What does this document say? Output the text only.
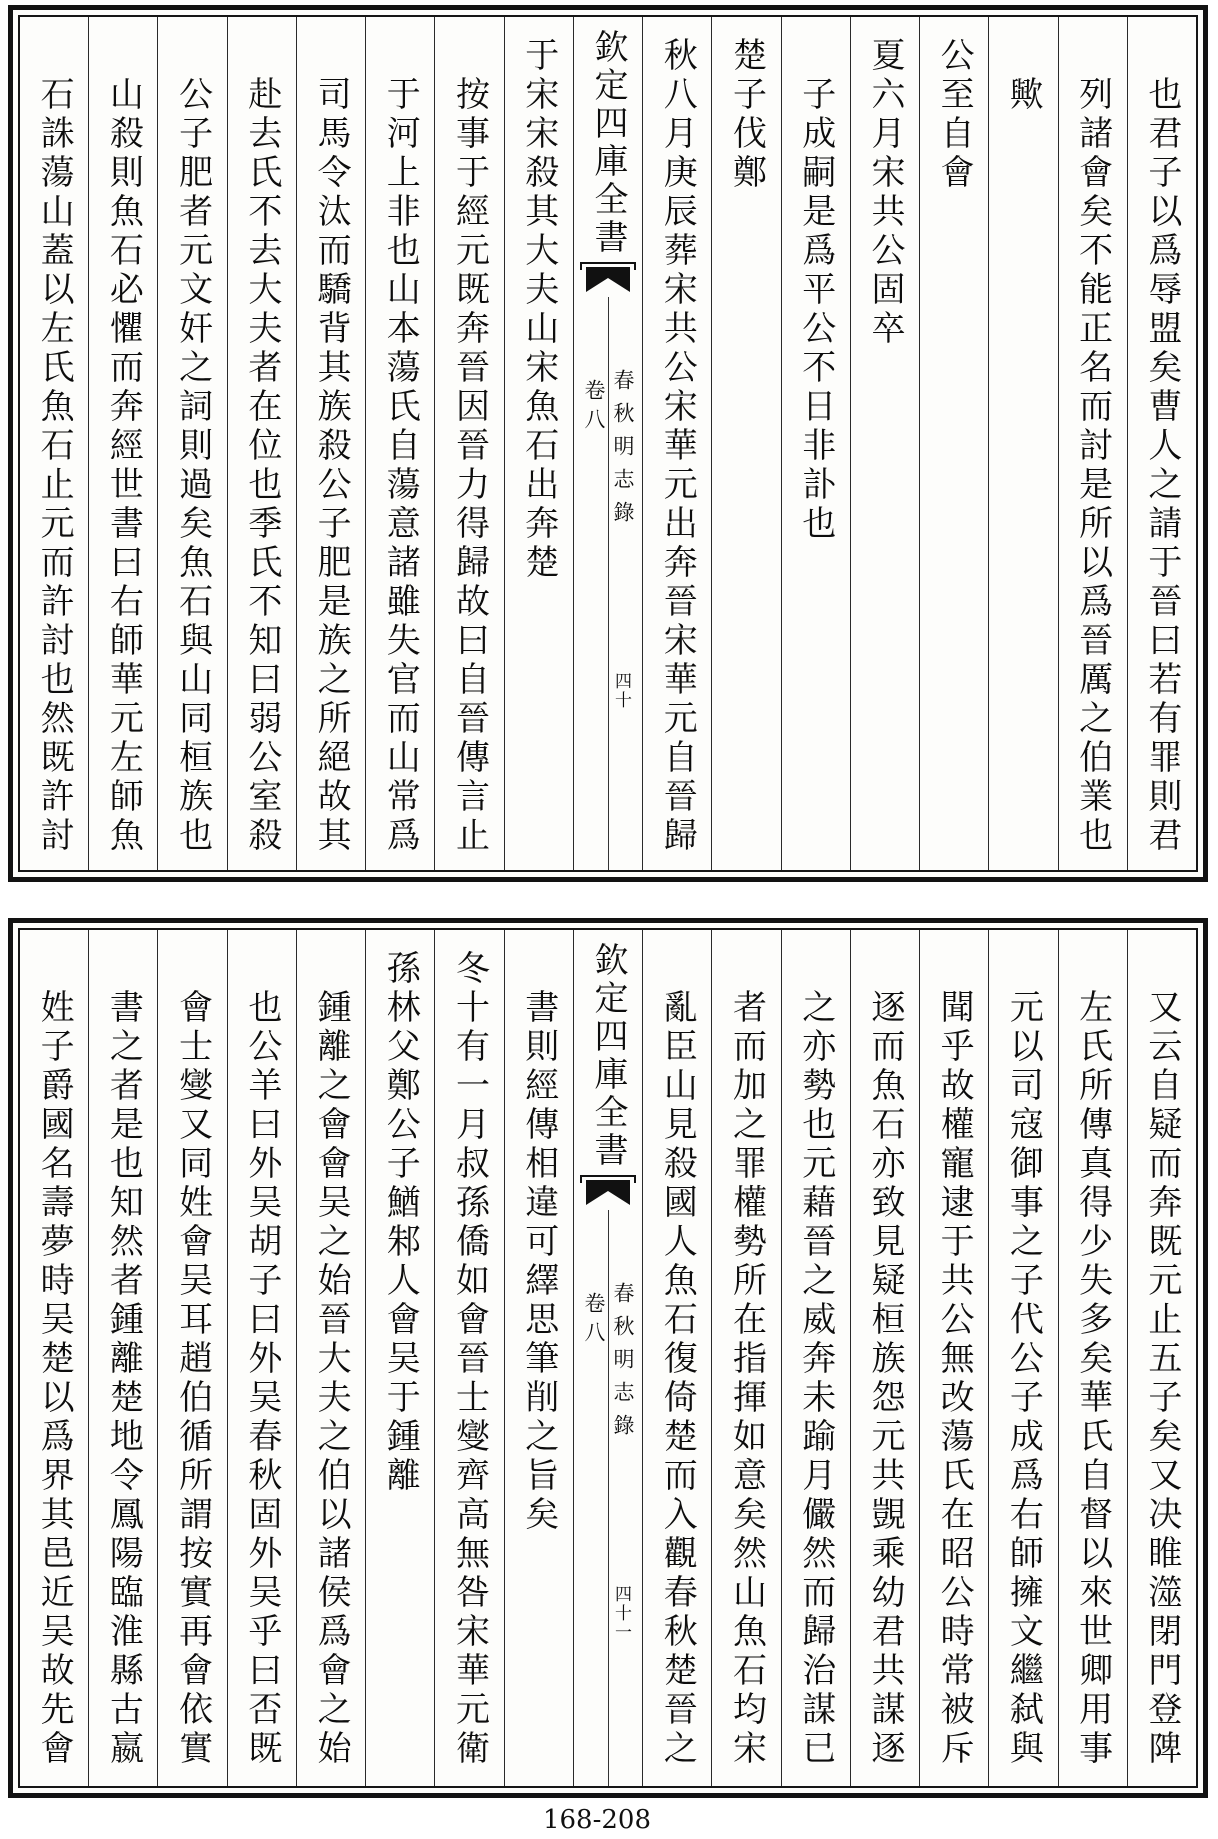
也君子以爲辱盟矣曹人之請于晉曰若有罪則君
列諸會矣不能正名而討是所以爲晉厲之伯業也
歟
公至自會
夏六月宋共公固卒
子成嗣是爲平公不日非訃也
楚子伐鄭
秋八月庚辰葬宋共公宋華元出奔晉宋華元自晉歸
欽定四庫全書
春秋明志錄
卷八
四十
于宋宋殺其大夫山宋魚石出奔楚
按事于經元既奔晉因晉力得歸故曰自晉傳言止
于河上非也山本蕩氏自蕩意諸雖失官而山常爲
司馬令汰而驕背其族殺公子肥是族之所絕故其
赴去氏不去大夫者在位也季氏不知曰弱公室殺
公子肥者元文奸之詞則過矣魚石與山同桓族也
山殺則魚石必懼而奔經世書曰右師華元左師魚
石誅蕩山蓋以左氏魚石止元而許討也然既許討
又云自疑而奔既元止五子矣又决睢澨閉門登陴
左氏所傳真得少失多矣華氏自督以來世卿用事
元以司寇御事之子代公子成爲右師擁文繼弑與
聞乎故權寵逮于共公無改蕩氏在昭公時常被斥
逐而魚石亦致見疑桓族怨元共覬乘幼君共謀逐
之亦勢也元藉晉之威奔未踰月儼然而歸治謀已
者而加之罪權勢所在指揮如意矣然山魚石均宋
亂臣山見殺國人魚石復倚楚而入觀春秋楚晉之
欽定四庫全書
春秋明志錄
卷八
四十一
書則經傳相違可繹思筆削之旨矣
冬十有一月叔孫僑如會晉士燮齊高無咎宋華元衛
孫林父鄭公子鰌邾人會吴于鍾離
鍾離之會會吴之始晉大夫之伯以諸侯爲會之始
也公羊曰外吴胡子曰外吴春秋固外吴乎曰否既
會士燮又同姓會吴耳趙伯循所謂按實再會依實
書之者是也知然者鍾離楚地令鳳陽臨淮縣古嬴
姓子爵國名壽夢時吴楚以爲界其邑近吴故先會
168-208
